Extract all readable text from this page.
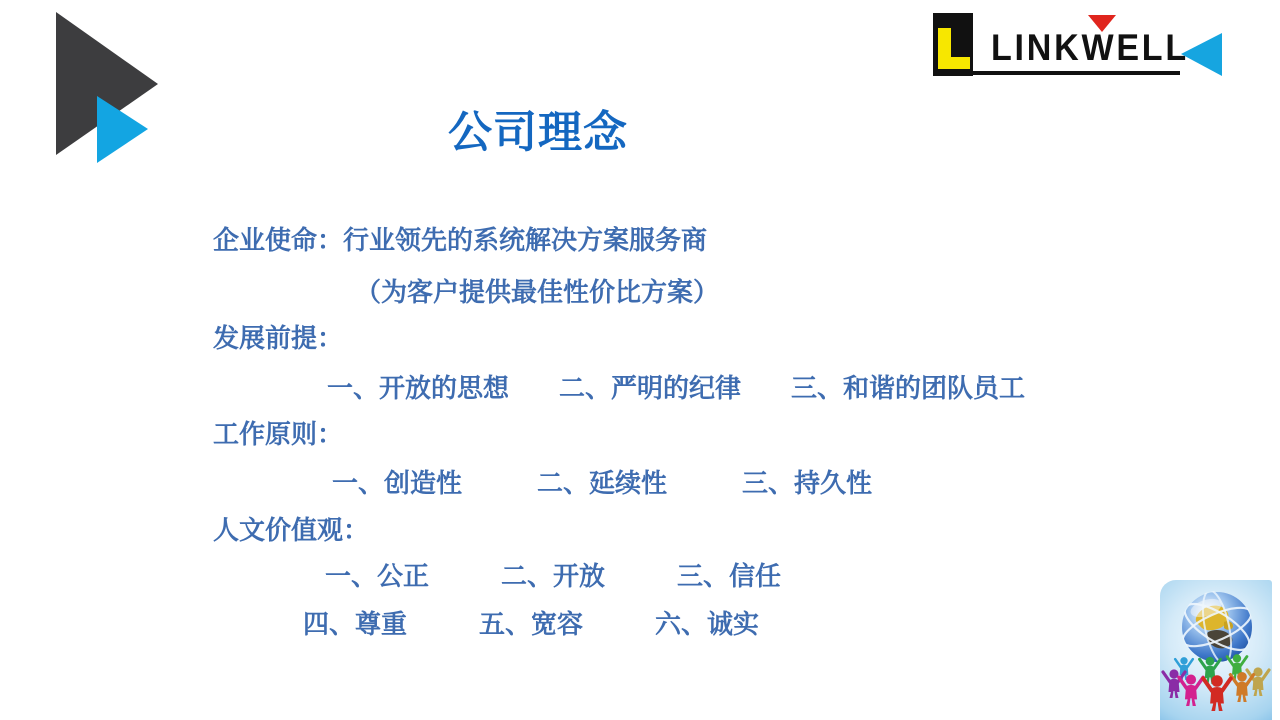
LINKWELL
公司理念
企业使命：行业领先的系统解决方案服务商
（为客户提供最佳性价比方案）
发展前提：
一、开放的思想 二、严明的纪律 三、和谐的团队员工
工作原则：
一、创造性	二、延续性	三、持久性
人文价值观：
一、公正	二、开放	三、信任
四、尊重	五、宽容	六、诚实
